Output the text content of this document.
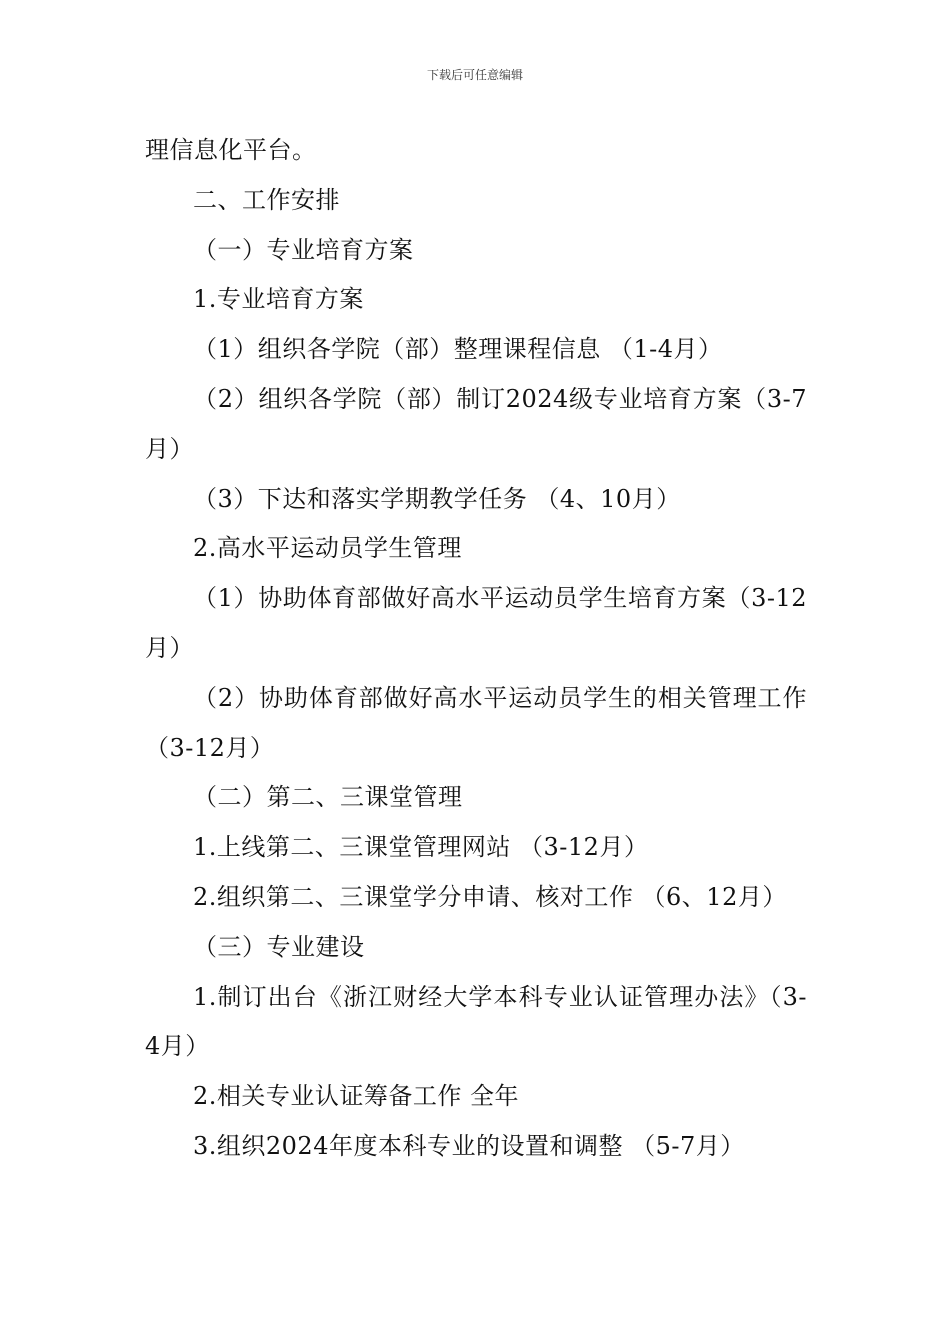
下载后可任意编辑

理信息化平台。

二、工作安排

（一）专业培育方案

1.专业培育方案

（1）组织各学院（部）整理课程信息 （1-4月）

（2）组织各学院（部）制订2024级专业培育方案（3-7月）

（3）下达和落实学期教学任务 （4、10月）

2.高水平运动员学生管理

（1）协助体育部做好高水平运动员学生培育方案（3-12月）

（2）协助体育部做好高水平运动员学生的相关管理工作 （3-12月）

（二）第二、三课堂管理

1.上线第二、三课堂管理网站 （3-12月）

2.组织第二、三课堂学分申请、核对工作 （6、12月）

（三）专业建设

1.制订出台《浙江财经大学本科专业认证管理办法》（3-4月）

2.相关专业认证筹备工作 全年

3.组织2024年度本科专业的设置和调整 （5-7月）
